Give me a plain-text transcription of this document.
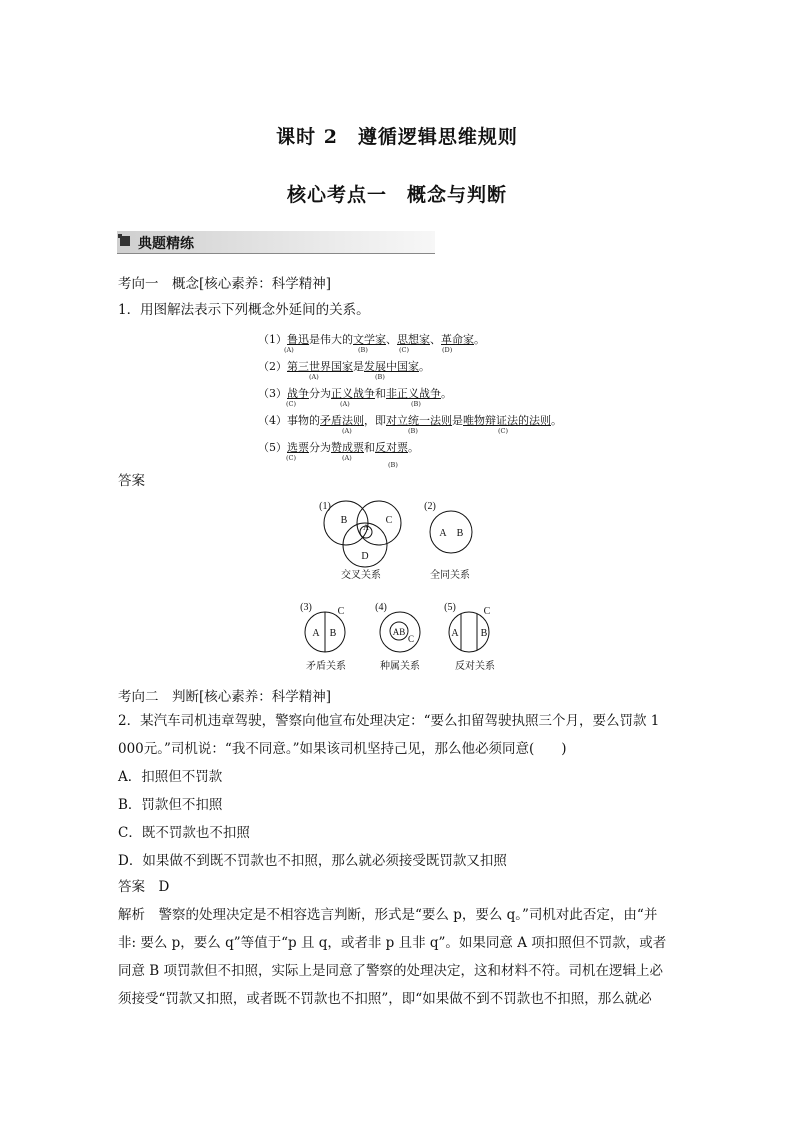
课时 2　遵循逻辑思维规则
核心考点一　概念与判断
典题精练
考向一　概念[核心素养：科学精神]
1．用图解法表示下列概念外延间的关系。
（1）鲁迅是伟大的文学家、思想家、革命家。
(A)	(B)	(C)	(D)
（2）第三世界国家是发展中国家。
(A)	(B)
（3）战争分为正义战争和非正义战争。
(C)	(A)	(B)
（4）事物的矛盾法则，即对立统一法则是唯物辩证法的法则。
(A)	(B)	(C)
（5）选票分为赞成票和反对票。
(C)	(A)
(B)
答案
(1)
B
A
C
D
交叉关系
(2)
A B
全同关系
(3)
A B
C
矛盾关系
(4)
AB
C
种属关系
(5)
A B
C
反对关系
考向二　判断[核心素养：科学精神]
2．某汽车司机违章驾驶，警察向他宣布处理决定：“要么扣留驾驶执照三个月，要么罚款 1
000元。”司机说：“我不同意。”如果该司机坚持己见，那么他必须同意(　　)
A．扣照但不罚款
B．罚款但不扣照
C．既不罚款也不扣照
D．如果做不到既不罚款也不扣照，那么就必须接受既罚款又扣照
答案　D
解析　 警察的处理决定是不相容选言判断，形式是“要么 p，要么 q。”司机对此否定，由“并
非: 要么 p，要么 q”等值于“p 且 q，或者非 p 且非 q”。如果同意 A 项扣照但不罚款，或者
同意 B 项罚款但不扣照，实际上是同意了警察的处理决定，这和材料不符。司机在逻辑上必
须接受“罚款又扣照，或者既不罚款也不扣照”，即“如果做不到不罚款也不扣照，那么就必
